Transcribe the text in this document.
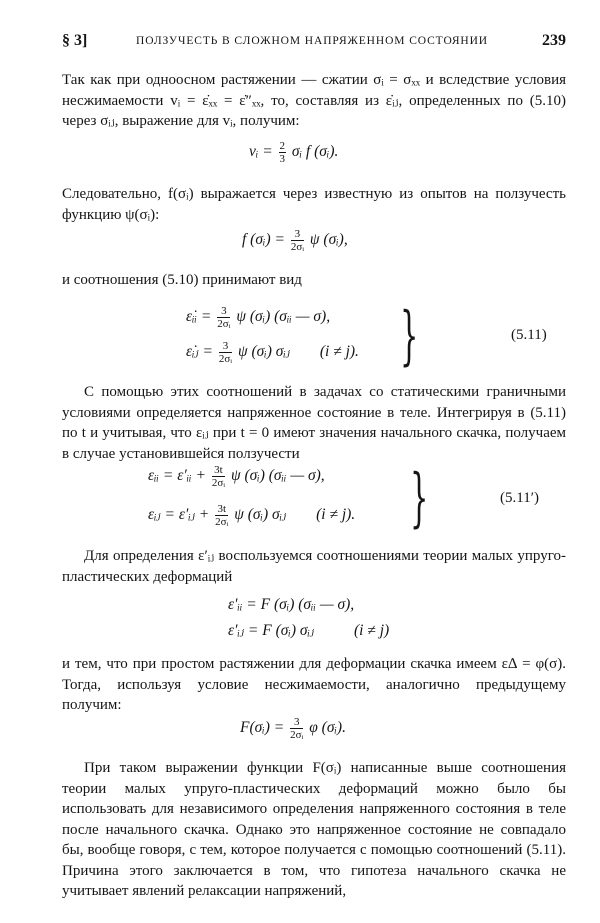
§ 3]	ПОЛЗУЧЕСТЬ В СЛОЖНОМ НАПРЯЖЕННОМ СОСТОЯНИИ	239

Так как при одноосном растяжении — сжатии σᵢ = σₓₓ и вследствие условия несжимаемости vᵢ = ε̇ₓₓ = ε̇″ₓₓ, то, составляя из ε̇ᵢⱼ, определенных по (5.10) через σᵢⱼ, выражение для vᵢ, получим:

vᵢ = $\frac{2}{3}$ σᵢ f (σᵢ).

Следовательно, f(σᵢ) выражается через известную из опытов на ползучесть функцию ψ(σᵢ):

f (σᵢ) = $\frac{3}{\text{2σᵢ}}$ ψ (σᵢ),

и соотношения (5.10) принимают вид

ε̇ᵢᵢ = $\frac{3}{\text{2σᵢ}}$ ψ (σᵢ) (σᵢᵢ — σ),
ε̇ᵢⱼ = $\frac{3}{\text{2σᵢ}}$ ψ (σᵢ) σᵢⱼ (i ≠ j). }	(5.11)

С помощью этих соотношений в задачах со статическими граничными условиями определяется напряженное состояние в теле. Интегрируя в (5.11) по t и учитывая, что εᵢⱼ при t = 0 имеют значения начального скачка, получаем в случае установившейся ползучести

εᵢᵢ = ε′ᵢᵢ + $\frac{3t}{\text{2σᵢ}}$ ψ (σᵢ) (σᵢᵢ — σ),
εᵢⱼ = ε′ᵢⱼ + $\frac{3t}{\text{2σᵢ}}$ ψ (σᵢ) σᵢⱼ (i ≠ j). }	(5.11′)

Для определения ε′ᵢⱼ воспользуемся соотношениями теории малых упруго-пластических деформаций

ε′ᵢᵢ = F (σᵢ) (σᵢᵢ — σ),
ε′ᵢⱼ = F (σᵢ) σᵢⱼ	(i ≠ j)

и тем, что при простом растяжении для деформации скачка имеем ε∆ = φ(σ). Тогда, используя условие несжимаемости, аналогично предыдущему получим:

F(σᵢ) = $\frac{3}{\text{2σᵢ}}$ φ (σᵢ).

При таком выражении функции F(σᵢ) написанные выше соотношения теории малых упруго-пластических деформаций можно было бы использовать для независимого определения напряженного состояния в теле после начального скачка. Однако это напряженное состояние не совпадало бы, вообще говоря, с тем, которое получается с помощью соотношений (5.11). Причина этого заключается в том, что гипотеза начального скачка не учитывает явлений релаксации напряжений,
